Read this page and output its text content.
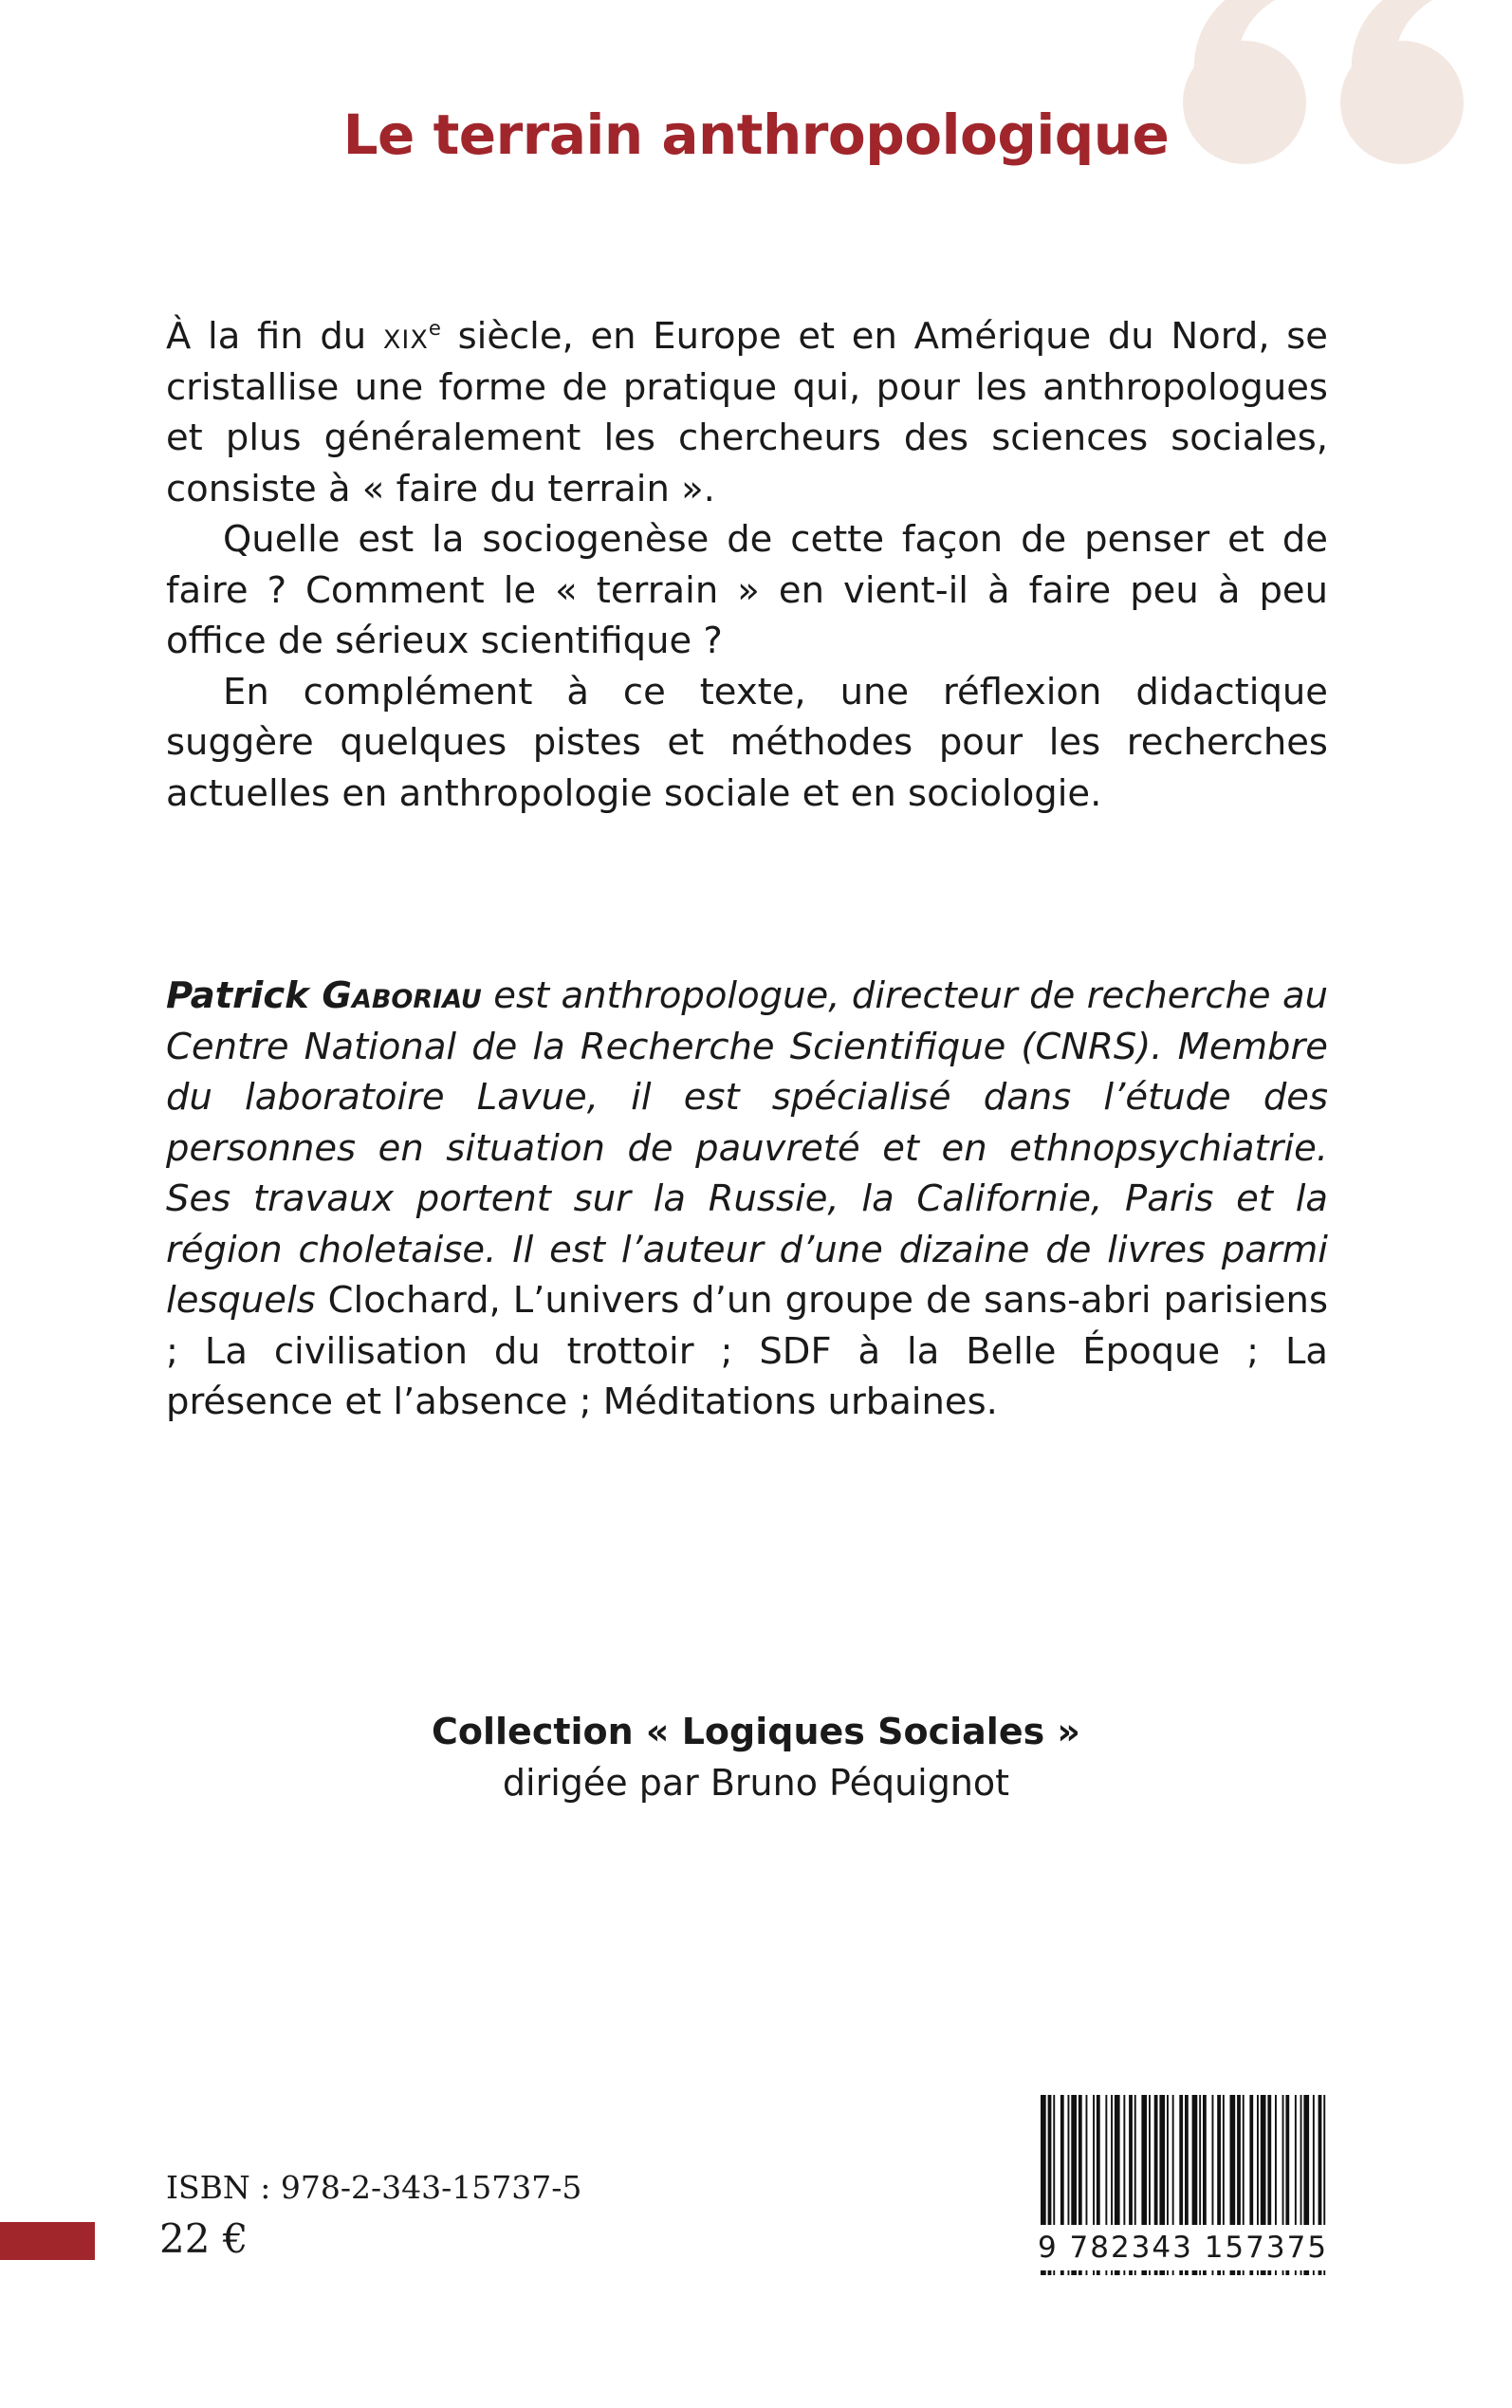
Le terrain anthropologique

À la fin du xix$^e$ siècle, en Europe et en Amérique du Nord, se cristallise une forme de pratique qui, pour les anthropologues et plus généralement les chercheurs des sciences sociales, consiste à « faire du terrain ».

Quelle est la sociogenèse de cette façon de penser et de faire ? Comment le « terrain » en vient-il à faire peu à peu office de sérieux scientifique ?

En complément à ce texte, une réflexion didactique suggère quelques pistes et méthodes pour les recherches actuelles en anthropologie sociale et en sociologie.

Patrick Gaboriau est anthropologue, directeur de recherche au Centre National de la Recherche Scientifique (CNRS). Membre du laboratoire Lavue, il est spécialisé dans l’étude des personnes en situation de pauvreté et en ethnopsychiatrie. Ses travaux portent sur la Russie, la Californie, Paris et la région choletaise. Il est l’auteur d’une dizaine de livres parmi lesquels Clochard, L’univers d’un groupe de sans-abri parisiens ; La civilisation du trottoir ; SDF à la Belle Époque ; La présence et l’absence ; Méditations urbaines.

Collection « Logiques Sociales »
dirigée par Bruno Péquignot
ISBN : 978-2-343-15737-5
22 €	9 782343 157375
